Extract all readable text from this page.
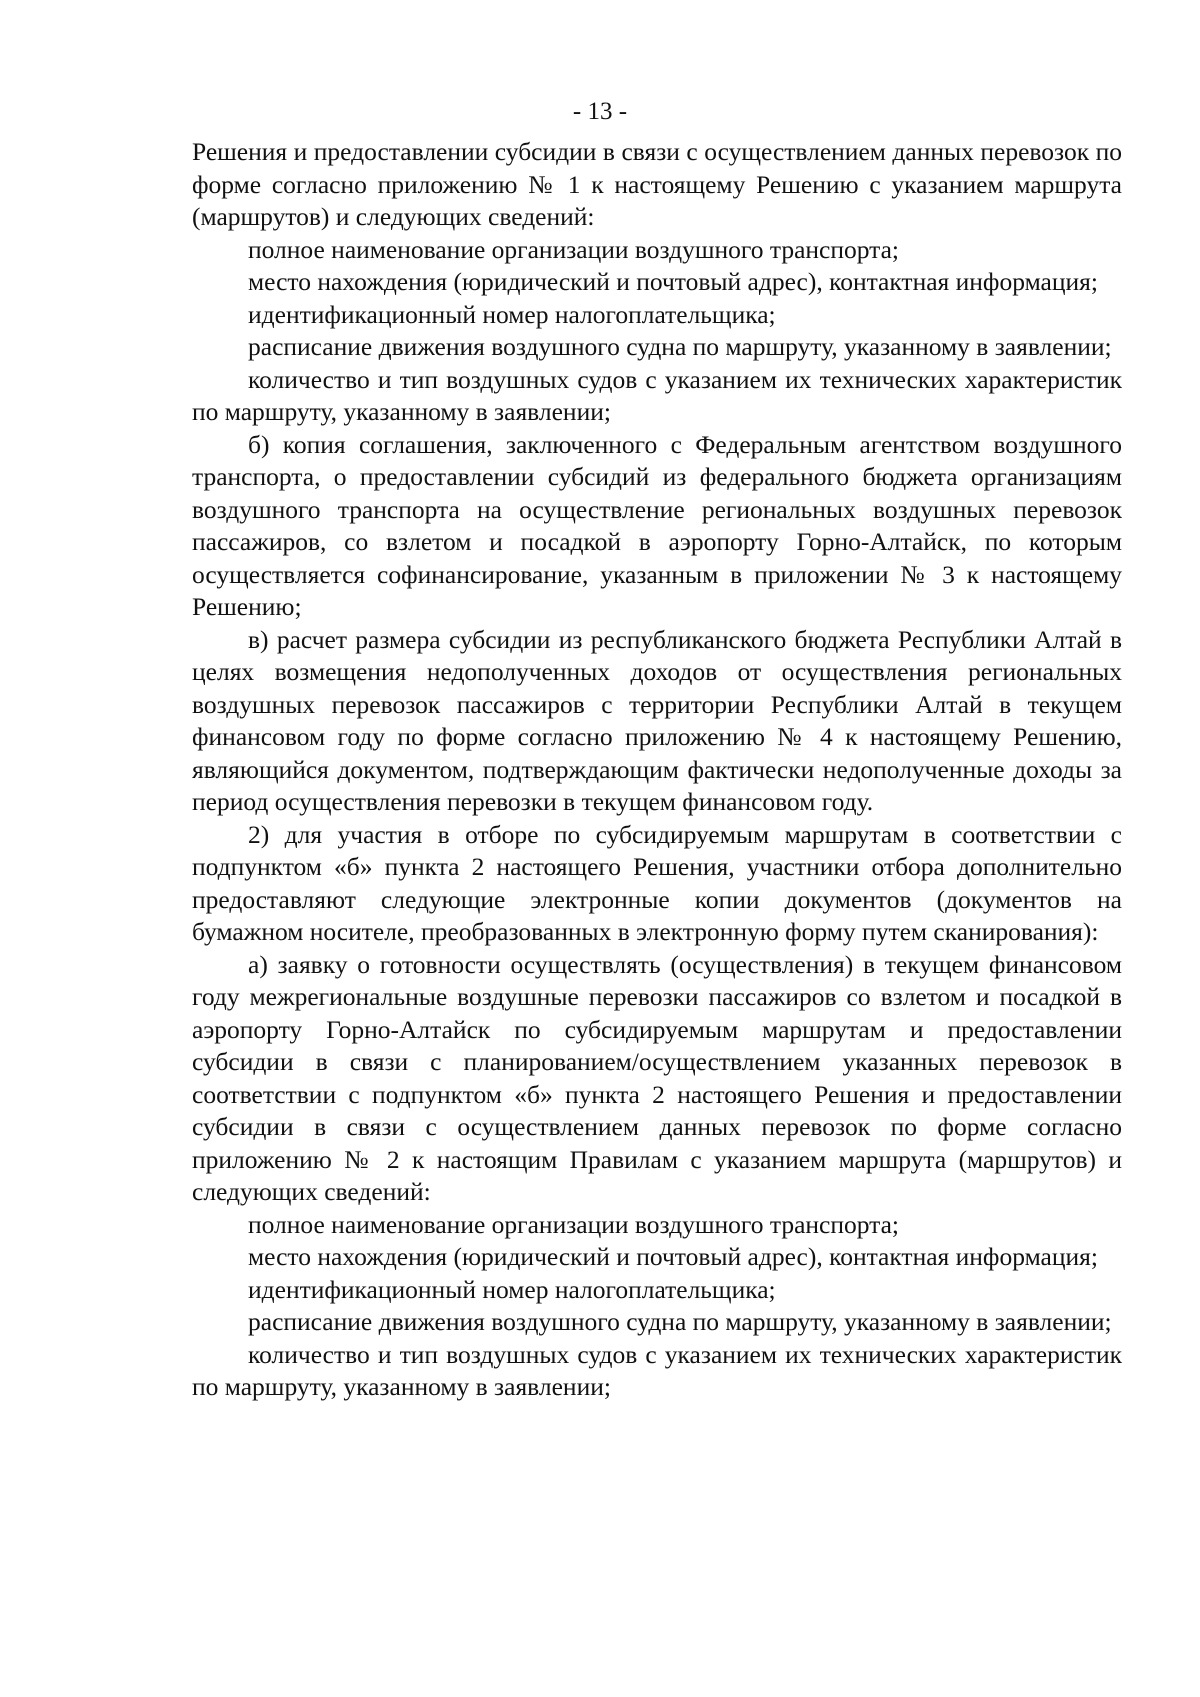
- 13 -

Решения и предоставлении субсидии в связи с осуществлением данных перевозок по форме согласно приложению № 1 к настоящему Решению с указанием маршрута (маршрутов) и следующих сведений:

полное наименование организации воздушного транспорта;

место нахождения (юридический и почтовый адрес), контактная информация;

идентификационный номер налогоплательщика;

расписание движения воздушного судна по маршруту, указанному в заявлении;

количество и тип воздушных судов с указанием их технических характеристик по маршруту, указанному в заявлении;

б) копия соглашения, заключенного с Федеральным агентством воздушного транспорта, о предоставлении субсидий из федерального бюджета организациям воздушного транспорта на осуществление региональных воздушных перевозок пассажиров, со взлетом и посадкой в аэропорту Горно-Алтайск, по которым осуществляется софинансирование, указанным в приложении № 3 к настоящему Решению;

в) расчет размера субсидии из республиканского бюджета Республики Алтай в целях возмещения недополученных доходов от осуществления региональных воздушных перевозок пассажиров с территории Республики Алтай в текущем финансовом году по форме согласно приложению № 4 к настоящему Решению, являющийся документом, подтверждающим фактически недополученные доходы за период осуществления перевозки в текущем финансовом году.

2) для участия в отборе по субсидируемым маршрутам в соответствии с подпунктом «б» пункта 2 настоящего Решения, участники отбора дополнительно предоставляют следующие электронные копии документов (документов на бумажном носителе, преобразованных в электронную форму путем сканирования):

а) заявку о готовности осуществлять (осуществления) в текущем финансовом году межрегиональные воздушные перевозки пассажиров со взлетом и посадкой в аэропорту Горно-Алтайск по субсидируемым маршрутам и предоставлении субсидии в связи с планированием/осуществлением указанных перевозок в соответствии с подпунктом «б» пункта 2 настоящего Решения и предоставлении субсидии в связи с осуществлением данных перевозок по форме согласно приложению № 2 к настоящим Правилам с указанием маршрута (маршрутов) и следующих сведений:

полное наименование организации воздушного транспорта;

место нахождения (юридический и почтовый адрес), контактная информация;

идентификационный номер налогоплательщика;

расписание движения воздушного судна по маршруту, указанному в заявлении;

количество и тип воздушных судов с указанием их технических характеристик по маршруту, указанному в заявлении;
